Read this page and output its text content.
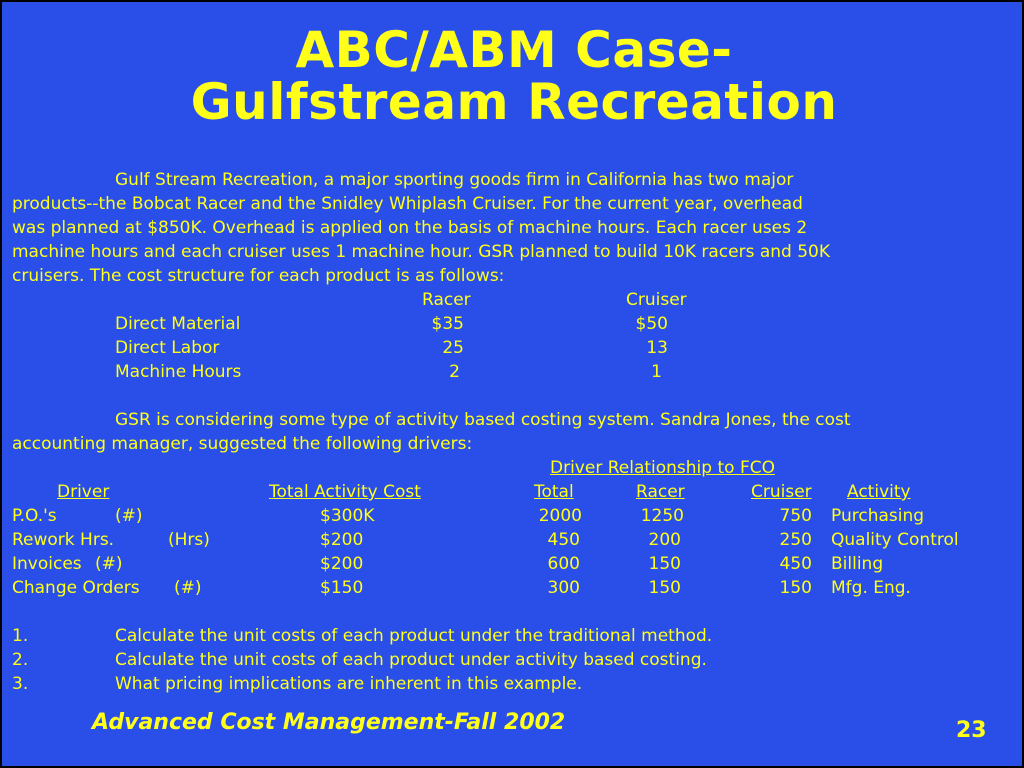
ABC/ABM Case-
Gulfstream Recreation
Gulf Stream Recreation, a major sporting goods firm in California has two major
products--the Bobcat Racer and the Snidley Whiplash Cruiser. For the current year, overhead
was planned at $850K. Overhead is applied on the basis of machine hours. Each racer uses 2
machine hours and each cruiser uses 1 machine hour. GSR planned to build 10K racers and 50K
cruisers. The cost structure for each product is as follows:
Racer	Cruiser
Direct Material	$35	$50
Direct Labor	25	13
Machine Hours	2	1
GSR is considering some type of activity based costing system. Sandra Jones, the cost
accounting manager, suggested the following drivers:
Driver Relationship to FCO
Driver	Total Activity Cost	Total	Racer	Cruiser Activity
P.O.'s	(#)	$300K	2000	1250	750 Purchasing
Rework Hrs.	(Hrs)	$200	450	200	250 Quality Control
Invoices (#)	$200	600	150	450 Billing
Change Orders (#)	$150	300	150	150 Mfg. Eng.
1.	Calculate the unit costs of each product under the traditional method.
2.	Calculate the unit costs of each product under activity based costing.
3.	What pricing implications are inherent in this example.
Advanced Cost Management-Fall 2002	23
